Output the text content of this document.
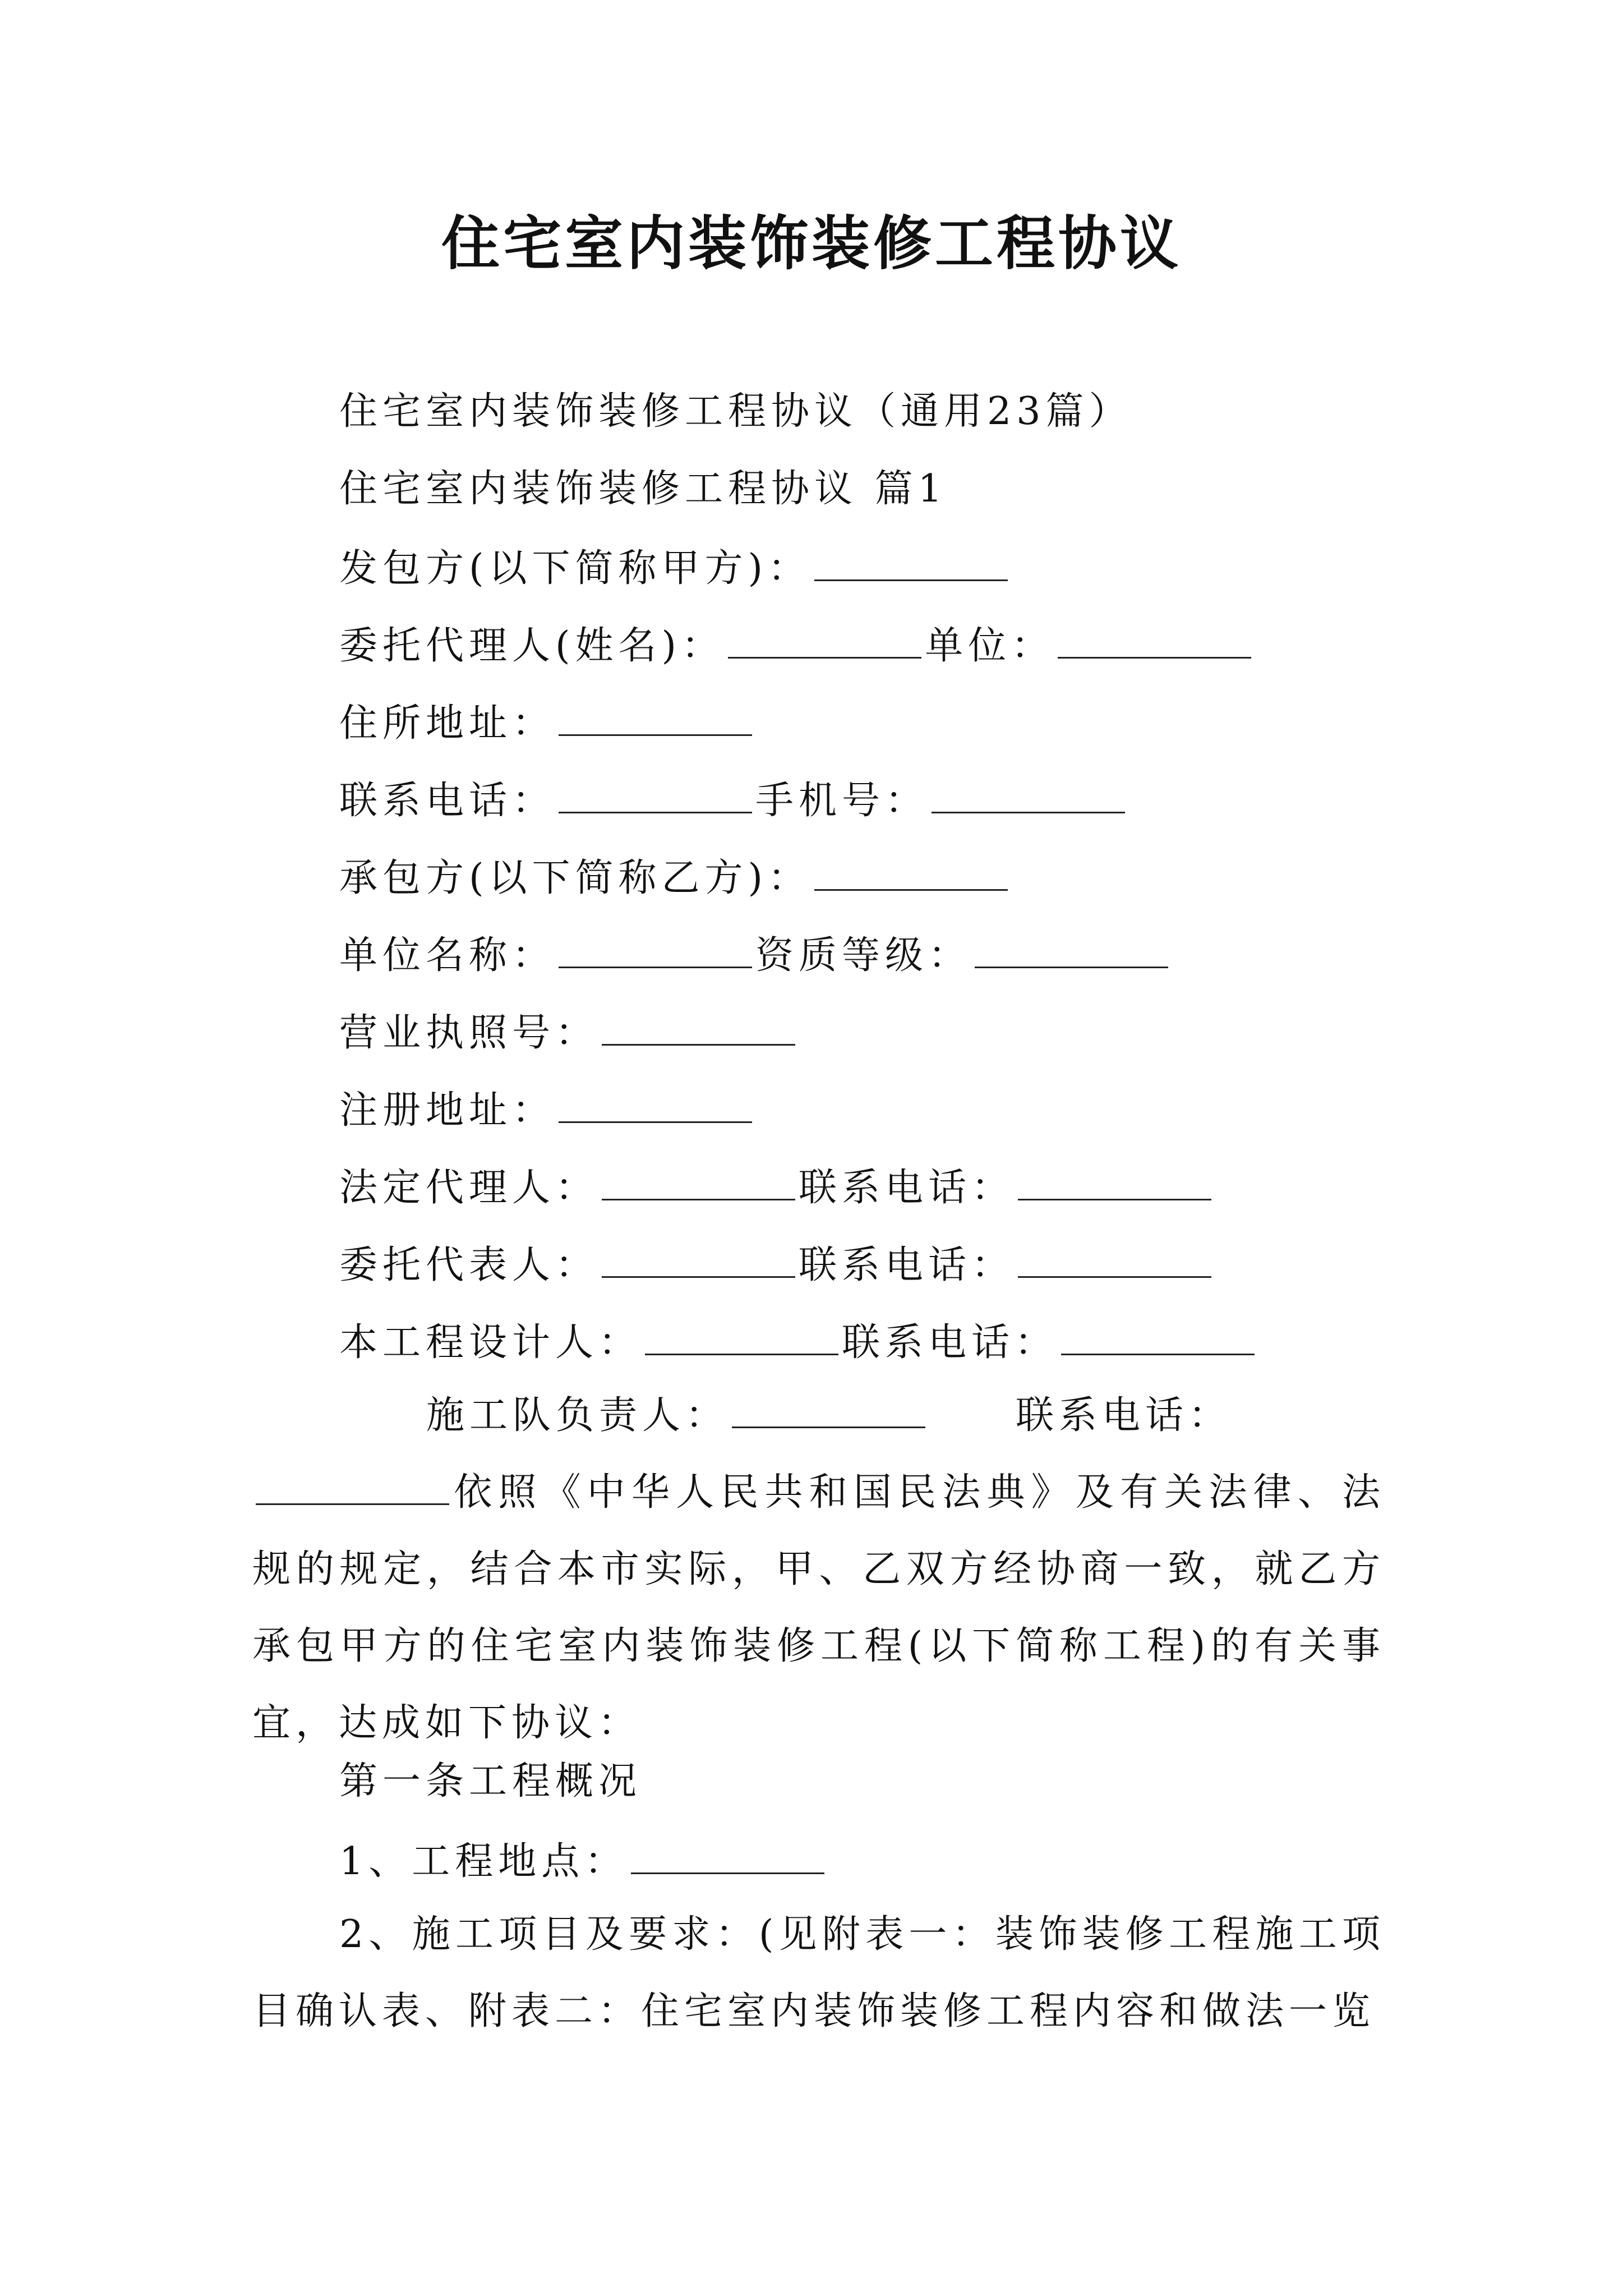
住宅室内装饰装修工程协议
住宅室内装饰装修工程协议（通用23篇）
住宅室内装饰装修工程协议 篇1
发包方(以下简称甲方)：
委托代理人(姓名)：	单位：
住所地址：
联系电话：	手机号：
承包方(以下简称乙方)：
单位名称：	资质等级：
营业执照号：
注册地址：
法定代理人：	联系电话：
委托代表人：	联系电话：
本工程设计人：	联系电话：
施工队负责人：	联系电话：依照《中华人民共和国民法典》及有关法律、法规的规定，结合本市实际，甲、乙双方经协商一致，就乙方承包甲方的住宅室内装饰装修工程(以下简称工程)的有关事宜，达成如下协议：
第一条工程概况
1、工程地点：
2、施工项目及要求：(见附表一：装饰装修工程施工项目确认表、附表二：住宅室内装饰装修工程内容和做法一览
